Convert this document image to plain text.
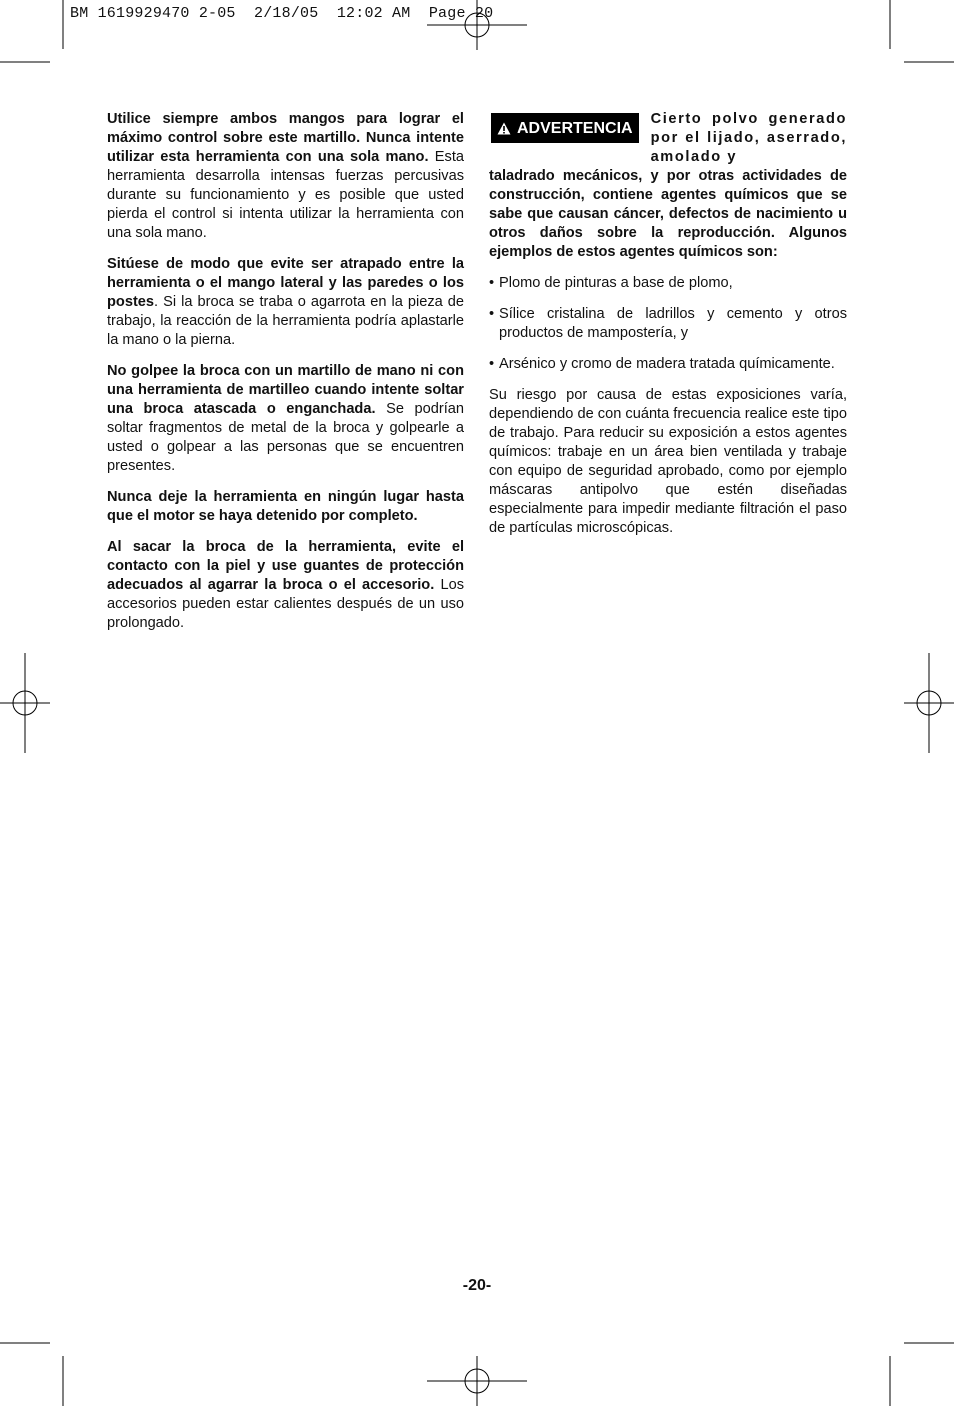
BM 1619929470 2-05  2/18/05  12:02 AM  Page 20

Utilice siempre ambos mangos para lograr el máximo control sobre este martillo. Nunca intente utilizar esta herramienta con una sola mano. Esta herramienta desarrolla intensas fuerzas percusivas durante su funcionamiento y es posible que usted pierda el control si intenta utilizar la herramienta con una sola mano.

Sitúese de modo que evite ser atrapado entre la herramienta o el mango lateral y las paredes o los postes. Si la broca se traba o agarrota en la pieza de trabajo, la reacción de la herramienta podría aplastarle la mano o la pierna.

No golpee la broca con un martillo de mano ni con una herramienta de martilleo cuando intente soltar una broca atascada o enganchada. Se podrían soltar fragmentos de metal de la broca y golpearle a usted o golpear a las personas que se encuentren presentes.

Nunca deje la herramienta en ningún lugar hasta que el motor se haya detenido por completo.

Al sacar la broca de la herramienta, evite el contacto con la piel y use guantes de protección adecuados al agarrar la broca o el accesorio. Los accesorios pueden estar calientes después de un uso prolongado.

ADVERTENCIA
Cierto polvo generado por el lijado, aserrado, amolado y

taladrado mecánicos, y por otras actividades de construcción, contiene agentes químicos que se sabe que causan cáncer, defectos de nacimiento u otros daños sobre la reproducción. Algunos ejemplos de estos agentes químicos son:

• Plomo de pinturas a base de plomo,
• Sílice cristalina de ladrillos y cemento y otros productos de mampostería, y
• Arsénico y cromo de madera tratada químicamente.

Su riesgo por causa de estas exposiciones varía, dependiendo de con cuánta frecuencia realice este tipo de trabajo. Para reducir su exposición a estos agentes químicos: trabaje en un área bien ventilada y trabaje con equipo de seguridad aprobado, como por ejemplo máscaras antipolvo que estén diseñadas especialmente para impedir mediante filtración el paso de partículas microscópicas.

-20-
